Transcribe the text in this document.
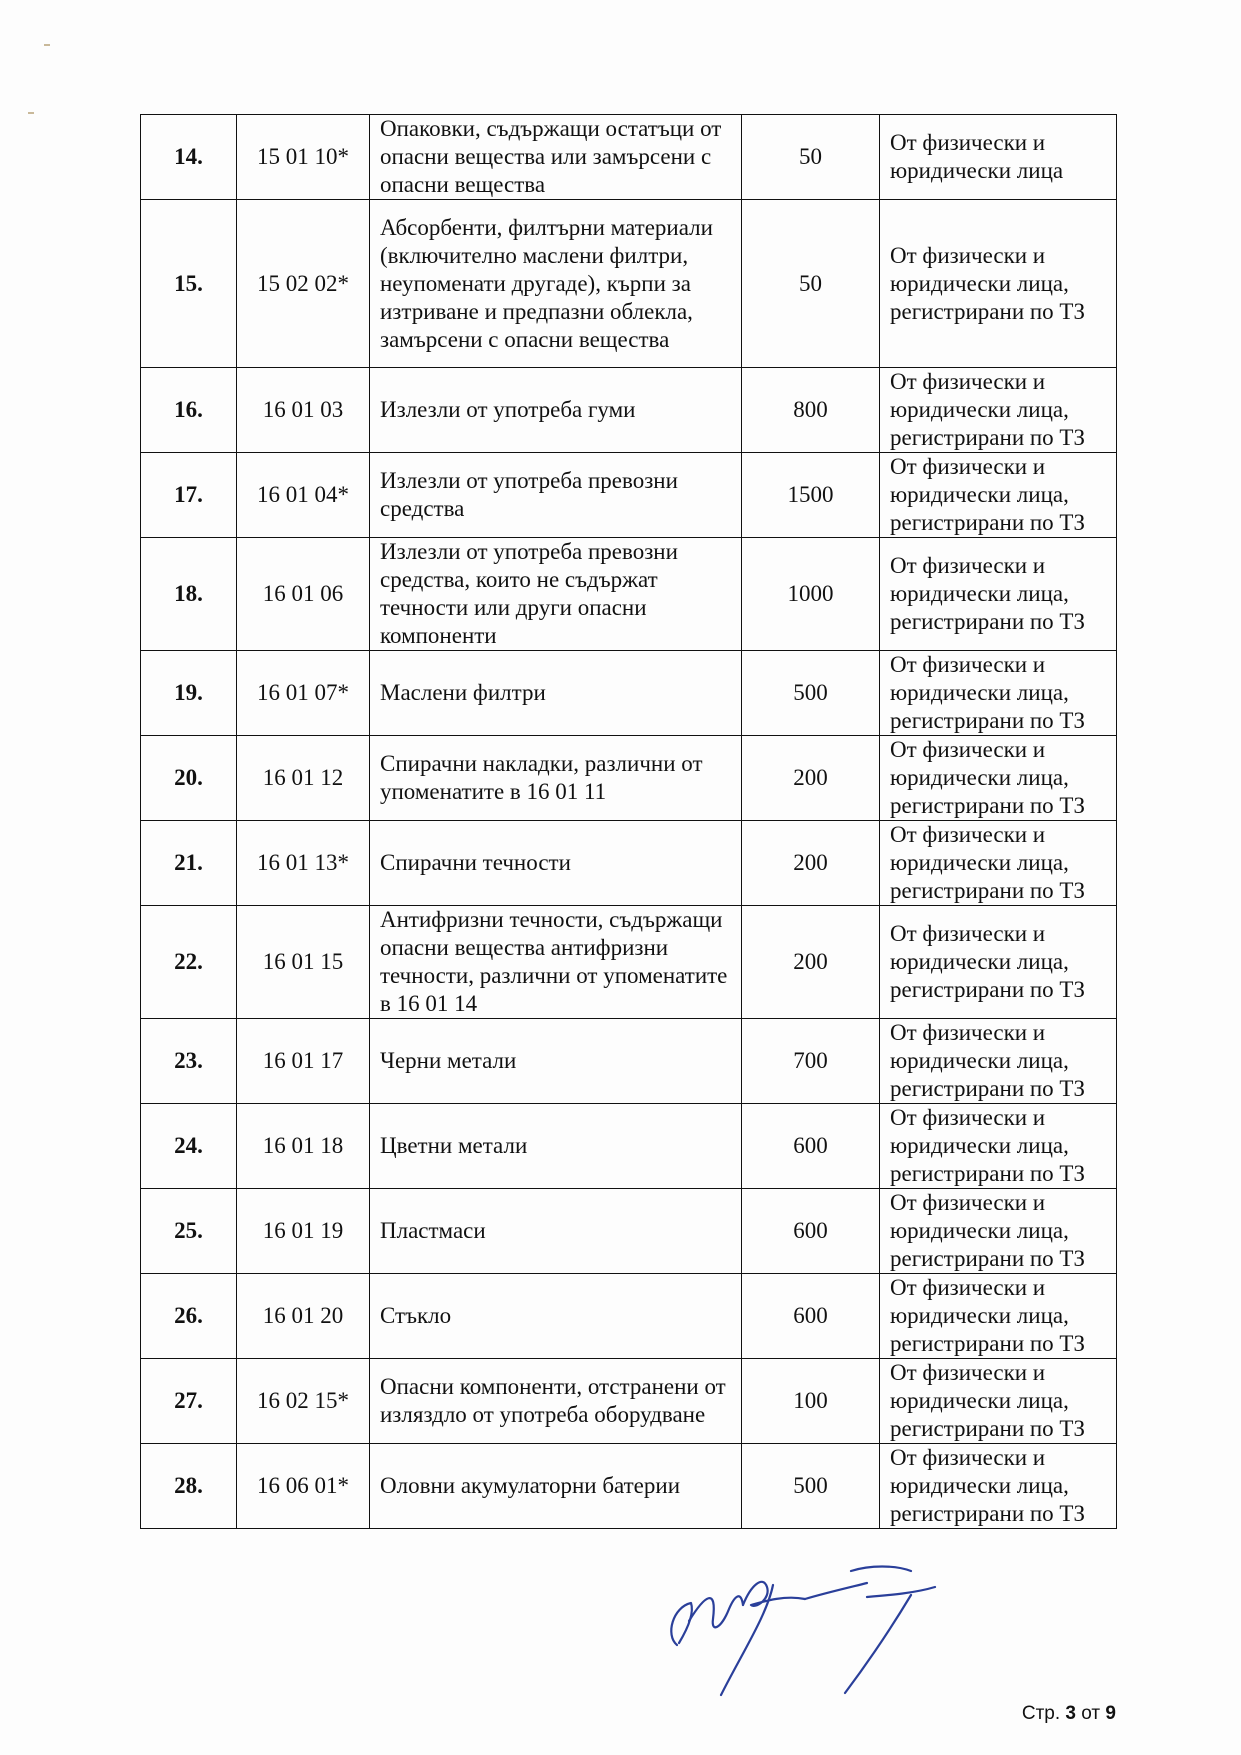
14.	15 01 10*	Опаковки, съдържащи остатъци от опасни вещества или замърсени с опасни вещества	50	От физически и юридически лица
15.	15 02 02*	Абсорбенти, филтърни материали (включително маслени филтри, неупоменати другаде), кърпи за изтриване и предпазни облекла, замърсени с опасни вещества	50	От физически и юридически лица, регистрирани по ТЗ
16.	16 01 03	Излезли от употреба гуми	800	От физически и юридически лица, регистрирани по ТЗ
17.	16 01 04*	Излезли от употреба превозни средства	1500	От физически и юридически лица, регистрирани по ТЗ
18.	16 01 06	Излезли от употреба превозни средства, които не съдържат течности или други опасни компоненти	1000	От физически и юридически лица, регистрирани по ТЗ
19.	16 01 07*	Маслени филтри	500	От физически и юридически лица, регистрирани по ТЗ
20.	16 01 12	Спирачни накладки, различни от упоменатите в 16 01 11	200	От физически и юридически лица, регистрирани по ТЗ
21.	16 01 13*	Спирачни течности	200	От физически и юридически лица, регистрирани по ТЗ
22.	16 01 15	Антифризни течности, съдържащи опасни вещества антифризни течности, различни от упоменатите в 16 01 14	200	От физически и юридически лица, регистрирани по ТЗ
23.	16 01 17	Черни метали	700	От физически и юридически лица, регистрирани по ТЗ
24.	16 01 18	Цветни метали	600	От физически и юридически лица, регистрирани по ТЗ
25.	16 01 19	Пластмаси	600	От физически и юридически лица, регистрирани по ТЗ
26.	16 01 20	Стъкло	600	От физически и юридически лица, регистрирани по ТЗ
27.	16 02 15*	Опасни компоненти, отстранени от изляздло от употреба оборудване	100	От физически и юридически лица, регистрирани по ТЗ
28.	16 06 01*	Оловни акумулаторни батерии	500	От физически и юридически лица, регистрирани по ТЗ
Стр. 3 от 9
